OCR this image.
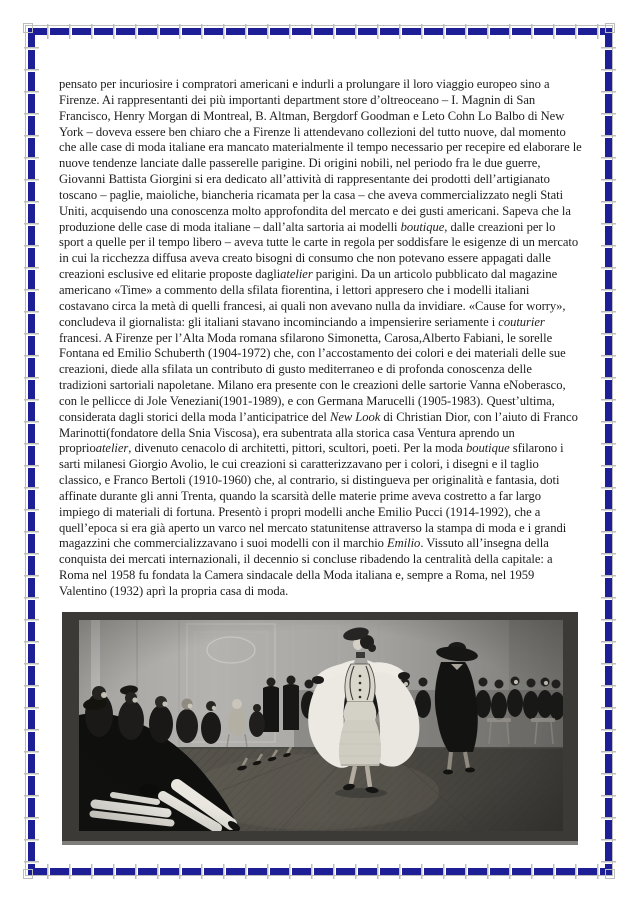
pensato per incuriosire i compratori americani e indurli a prolungare il loro viaggio europeo sino a Firenze. Ai rappresentanti dei più importanti department store d’oltreoceano – I. Magnin di San Francisco, Henry Morgan di Montreal, B. Altman, Bergdorf Goodman e Leto Cohn Lo Balbo di New York – doveva essere ben chiaro che a Firenze li attendevano collezioni del tutto nuove, dal momento che alle case di moda italiane era mancato materialmente il tempo necessario per recepire ed elaborare le nuove tendenze lanciate dalle passerelle parigine. Di origini nobili, nel periodo fra le due guerre, Giovanni Battista Giorgini si era dedicato all’attività di rappresentante dei prodotti dell’artigianato toscano – paglie, maioliche, biancheria ricamata per la casa – che aveva commercializzato negli Stati Uniti, acquisendo una conoscenza molto approfondita del mercato e dei gusti americani. Sapeva che la produzione delle case di moda italiane – dall’alta sartoria ai modelli boutique, dalle creazioni per lo sport a quelle per il tempo libero – aveva tutte le carte in regola per soddisfare le esigenze di un mercato in cui la ricchezza diffusa aveva creato bisogni di consumo che non potevano essere appagati dalle creazioni esclusive ed elitarie proposte dagliatelier parigini. Da un articolo pubblicato dal magazine americano «Time» a commento della sfilata fiorentina, i lettori appresero che i modelli italiani costavano circa la metà di quelli francesi, ai quali non avevano nulla da invidiare. «Cause for worry», concludeva il giornalista: gli italiani stavano incominciando a impensierire seriamente i couturier francesi. A Firenze per l’Alta Moda romana sfilarono Simonetta, Carosa,Alberto Fabiani, le sorelle Fontana ed Emilio Schuberth (1904-1972) che, con l’accostamento dei colori e dei materiali delle sue creazioni, diede alla sfilata un contributo di gusto mediterraneo e di profonda conoscenza delle tradizioni sartoriali napoletane. Milano era presente con le creazioni delle sartorie Vanna eNoberasco, con le pellicce di Jole Veneziani(1901-1989), e con Germana Marucelli (1905-1983). Quest’ultima, considerata dagli storici della moda l’anticipatrice del New Look di Christian Dior, con l’aiuto di Franco Marinotti(fondatore della Snia Viscosa), era subentrata alla storica casa Ventura aprendo un proprioatelier, divenuto cenacolo di architetti, pittori, scultori, poeti. Per la moda boutique sfilarono i sarti milanesi Giorgio Avolio, le cui creazioni si caratterizzavano per i colori, i disegni e il taglio classico, e Franco Bertoli (1910-1960) che, al contrario, si distingueva per originalità e fantasia, doti affinate durante gli anni Trenta, quando la scarsità delle materie prime aveva costretto a far largo impiego di materiali di fortuna. Presentò i propri modelli anche Emilio Pucci (1914-1992), che a quell’epoca si era già aperto un varco nel mercato statunitense attraverso la stampa di moda e i grandi magazzini che commercializzavano i suoi modelli con il marchio Emilio. Vissuto all’insegna della conquista dei mercati internazionali, il decennio si concluse ribadendo la centralità della capitale: a Roma nel 1958 fu fondata la Camera sindacale della Moda italiana e, sempre a Roma, nel 1959 Valentino (1932) aprì la propria casa di moda.
